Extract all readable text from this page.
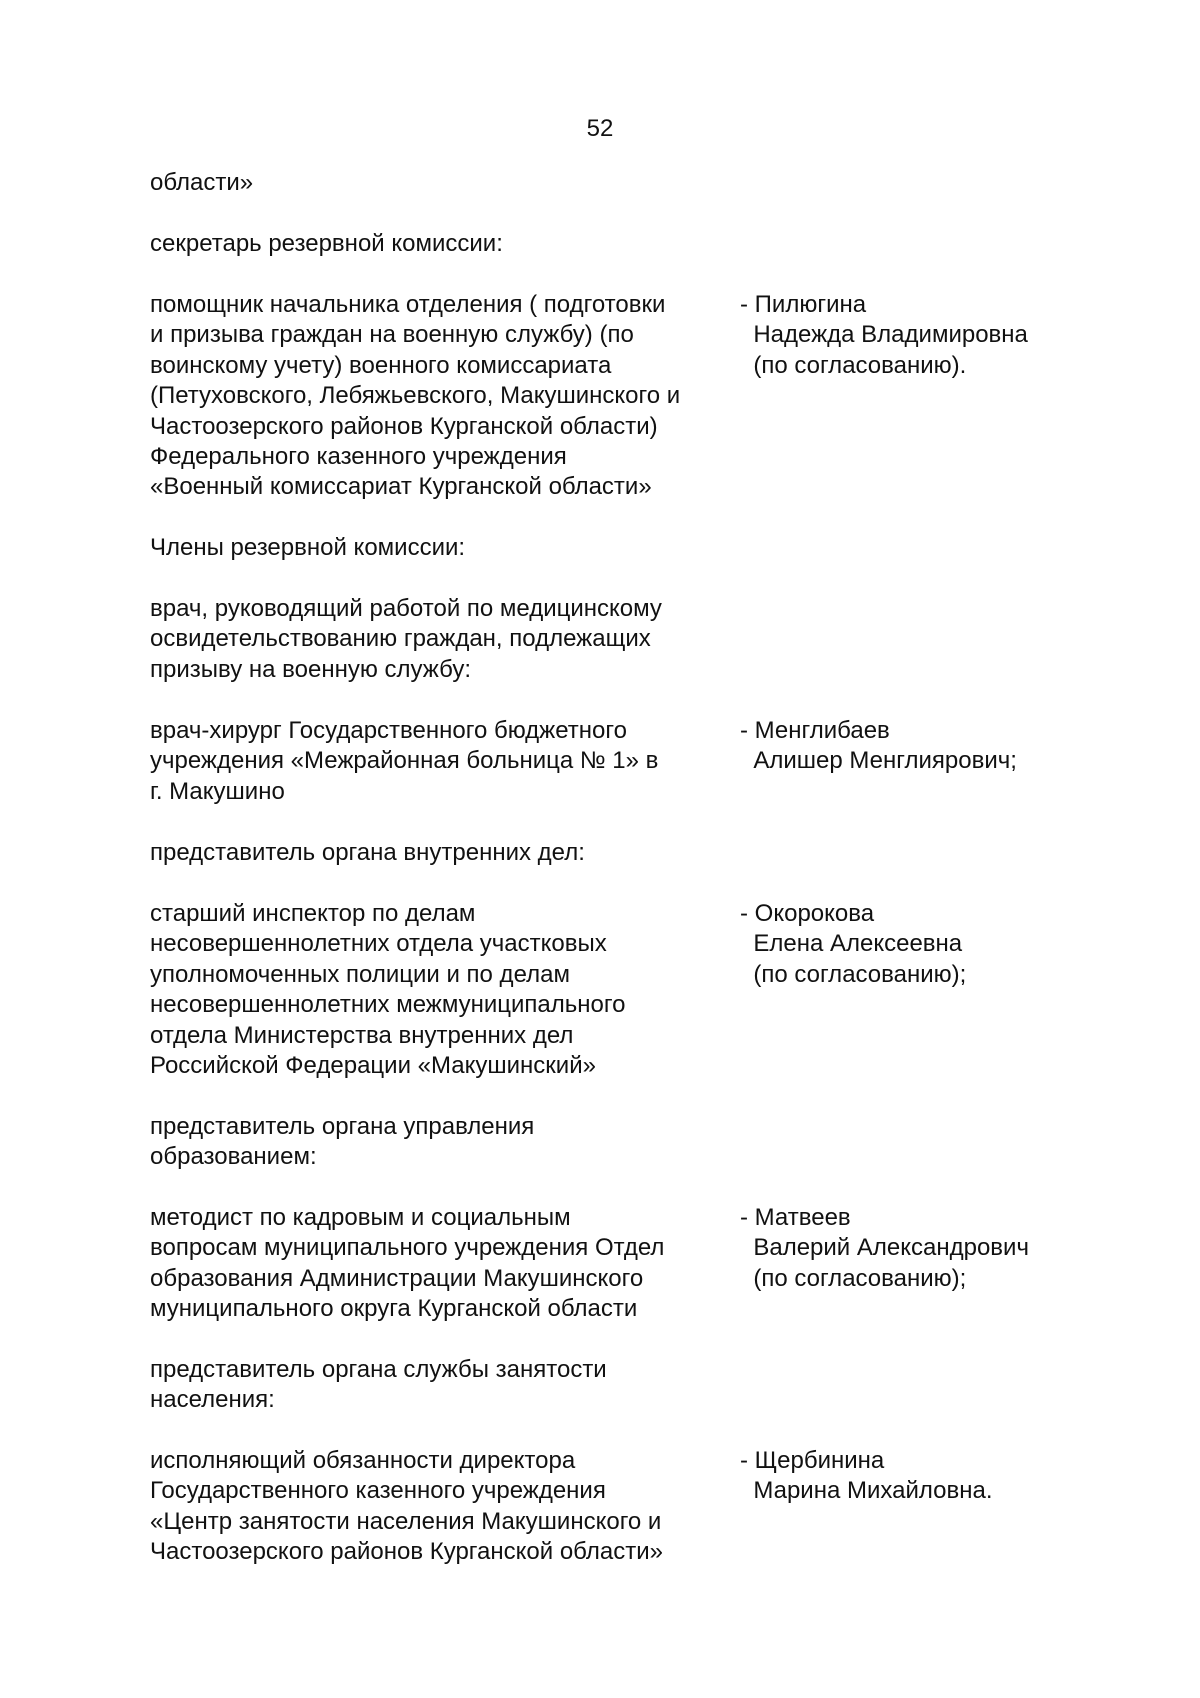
52
области»
секретарь резервной комиссии:
помощник начальника отделения ( подготовки
и призыва граждан на военную службу) (по
воинскому учету) военного комиссариата
(Петуховского, Лебяжьевского, Макушинского и
Частоозерского районов Курганской области)
Федерального казенного учреждения
«Военный комиссариат Курганской области»
- Пилюгина
Надежда Владимировна
(по согласованию).
Члены резервной комиссии:
врач, руководящий работой по медицинскому
освидетельствованию граждан, подлежащих
призыву на военную службу:
врач-хирург Государственного бюджетного
учреждения «Межрайонная больница № 1» в
г. Макушино
- Менглибаев
Алишер Менглиярович;
представитель органа внутренних дел:
старший инспектор по делам
несовершеннолетних отдела участковых
уполномоченных полиции и по делам
несовершеннолетних межмуниципального
отдела Министерства внутренних дел
Российской Федерации «Макушинский»
- Окорокова
Елена Алексеевна
(по согласованию);
представитель органа управления
образованием:
методист по кадровым и социальным
вопросам муниципального учреждения Отдел
образования Администрации Макушинского
муниципального округа Курганской области
- Матвеев
Валерий Александрович
(по согласованию);
представитель органа службы занятости
населения:
исполняющий обязанности директора
Государственного казенного учреждения
«Центр занятости населения Макушинского и
Частоозерского районов Курганской области»
- Щербинина
Марина Михайловна.
